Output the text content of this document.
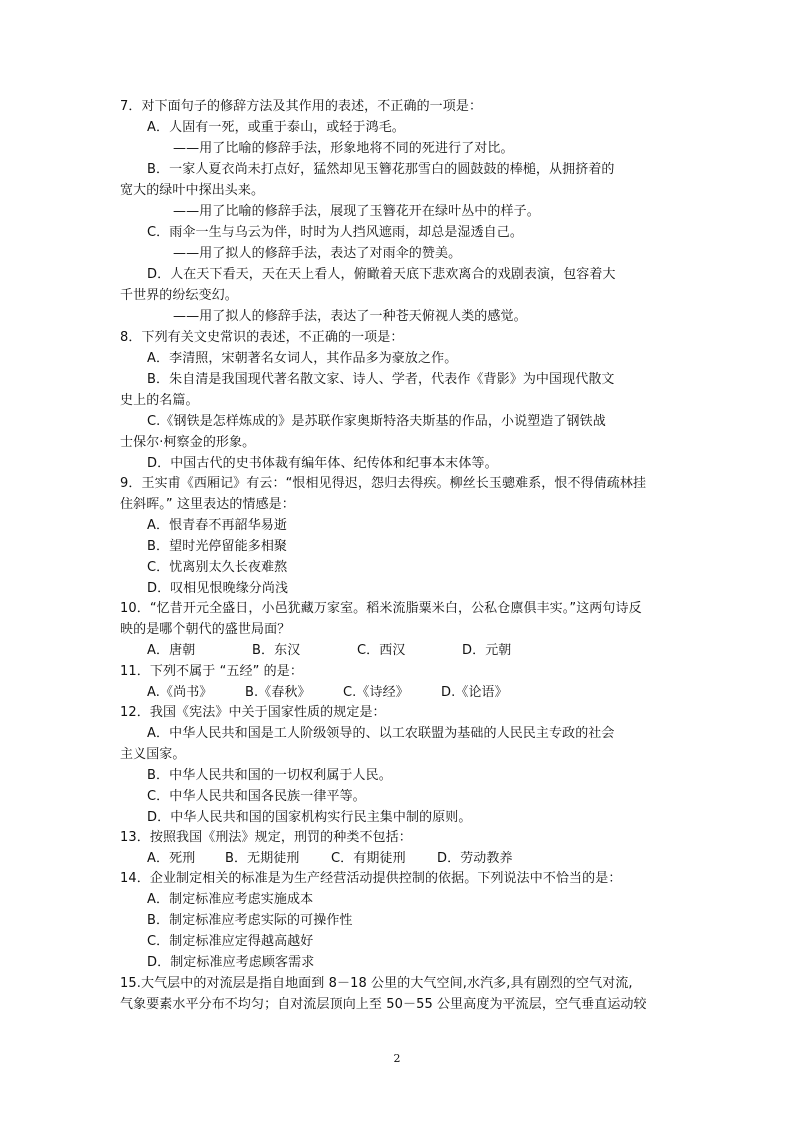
7．对下面句子的修辞方法及其作用的表述，不正确的一项是：
A．人固有一死，或重于泰山，或轻于鸿毛。
——用了比喻的修辞手法，形象地将不同的死进行了对比。
B．一家人夏衣尚未打点好，猛然却见玉簪花那雪白的圆鼓鼓的棒槌，从拥挤着的
宽大的绿叶中探出头来。
——用了比喻的修辞手法，展现了玉簪花开在绿叶丛中的样子。
C．雨伞一生与乌云为伴，时时为人挡风遮雨，却总是湿透自己。
——用了拟人的修辞手法，表达了对雨伞的赞美。
D．人在天下看天，天在天上看人，俯瞰着天底下悲欢离合的戏剧表演，包容着大
千世界的纷纭变幻。
——用了拟人的修辞手法，表达了一种苍天俯视人类的感觉。
8．下列有关文史常识的表述，不正确的一项是：
A．李清照，宋朝著名女词人，其作品多为豪放之作。
B．朱自清是我国现代著名散文家、诗人、学者，代表作《背影》为中国现代散文
史上的名篇。
C.《钢铁是怎样炼成的》是苏联作家奥斯特洛夫斯基的作品，小说塑造了钢铁战
士保尔·柯察金的形象。
D．中国古代的史书体裁有编年体、纪传体和纪事本末体等。
9．王实甫《西厢记》有云：“恨相见得迟，怨归去得疾。柳丝长玉骢难系，恨不得倩疏林挂
住斜晖。” 这里表达的情感是：
A．恨青春不再韶华易逝
B．望时光停留能多相聚
C．忧离别太久长夜难熬
D．叹相见恨晚缘分尚浅
10．“忆昔开元全盛日，小邑犹藏万家室。稻米流脂粟米白，公私仓廪俱丰实。”这两句诗反
映的是哪个朝代的盛世局面？
A．唐朝	B．东汉	C．西汉	D．元朝
11．下列不属于 “五经” 的是：
A.《尚书》	B.《春秋》 C.《诗经》 D.《论语》
12．我国《宪法》中关于国家性质的规定是：
A．中华人民共和国是工人阶级领导的、以工农联盟为基础的人民民主专政的社会
主义国家。
B．中华人民共和国的一切权利属于人民。
C．中华人民共和国各民族一律平等。
D．中华人民共和国的国家机构实行民主集中制的原则。
13．按照我国《刑法》规定，刑罚的种类不包括：
A．死刑 B．无期徒刑 C．有期徒刑 D．劳动教养
14．企业制定相关的标准是为生产经营活动提供控制的依据。下列说法中不恰当的是：
A．制定标准应考虑实施成本
B．制定标准应考虑实际的可操作性
C．制定标准应定得越高越好
D．制定标准应考虑顾客需求
15.大气层中的对流层是指自地面到 8－18 公里的大气空间,水汽多,具有剧烈的空气对流,
气象要素水平分布不均匀；自对流层顶向上至 50－55 公里高度为平流层，空气垂直运动较
2
